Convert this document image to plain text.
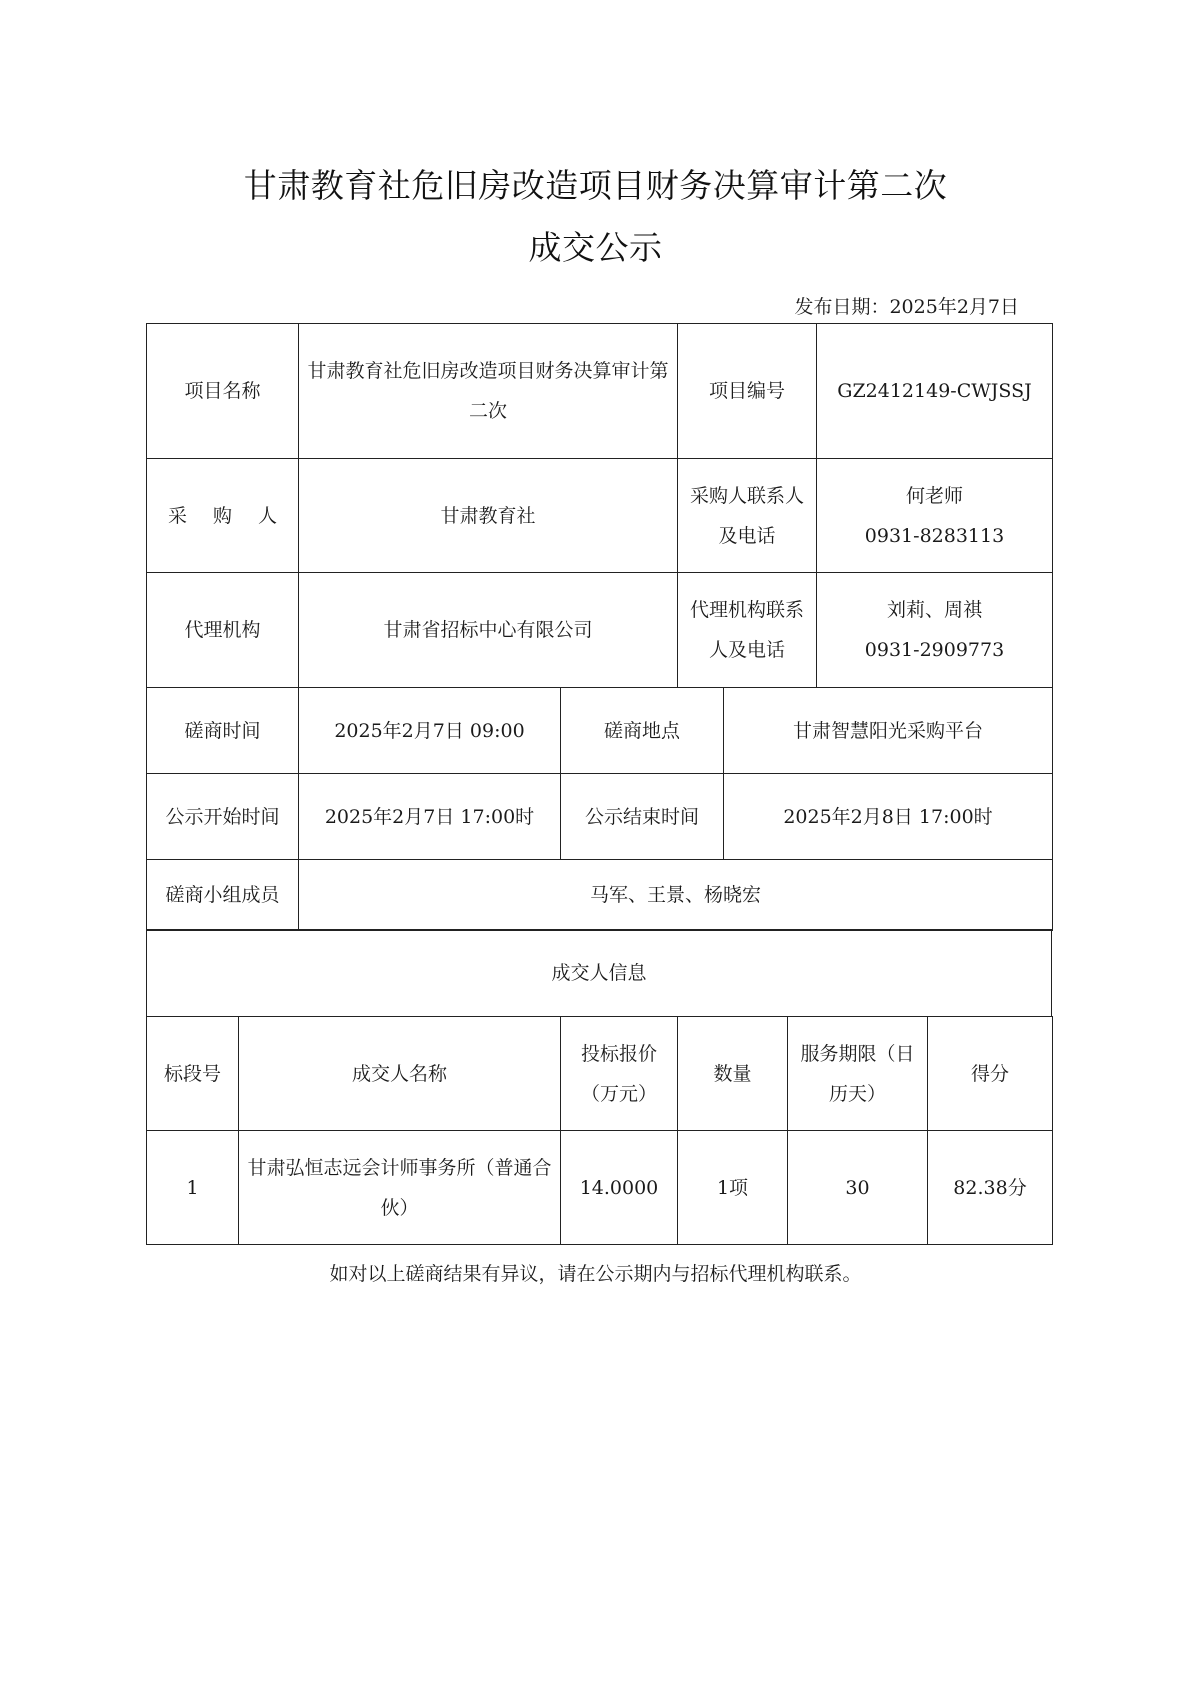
甘肃教育社危旧房改造项目财务决算审计第二次
成交公示
发布日期：2025年2月7日
项目名称	甘肃教育社危旧房改造项目财务决算审计第二次	项目编号	GZ2412149-CWJSSJ
采 购 人	甘肃教育社	采购人联系人及电话	何老师
0931-8283113

代理机构	甘肃省招标中心有限公司	代理机构联系人及电话	刘莉、周祺
0931-2909773
磋商时间	2025年2月7日 09:00	磋商地点	甘肃智慧阳光采购平台
公示开始时间	2025年2月7日 17:00时	公示结束时间	2025年2月8日 17:00时
磋商小组成员	马军、王景、杨晓宏		
成交人信息
标段号	成交人名称	投标报价（万元）	数量	服务期限（日历天）	得分
1	甘肃弘恒志远会计师事务所（普通合伙）	14.0000	1项	30	82.38分
如对以上磋商结果有异议，请在公示期内与招标代理机构联系。
